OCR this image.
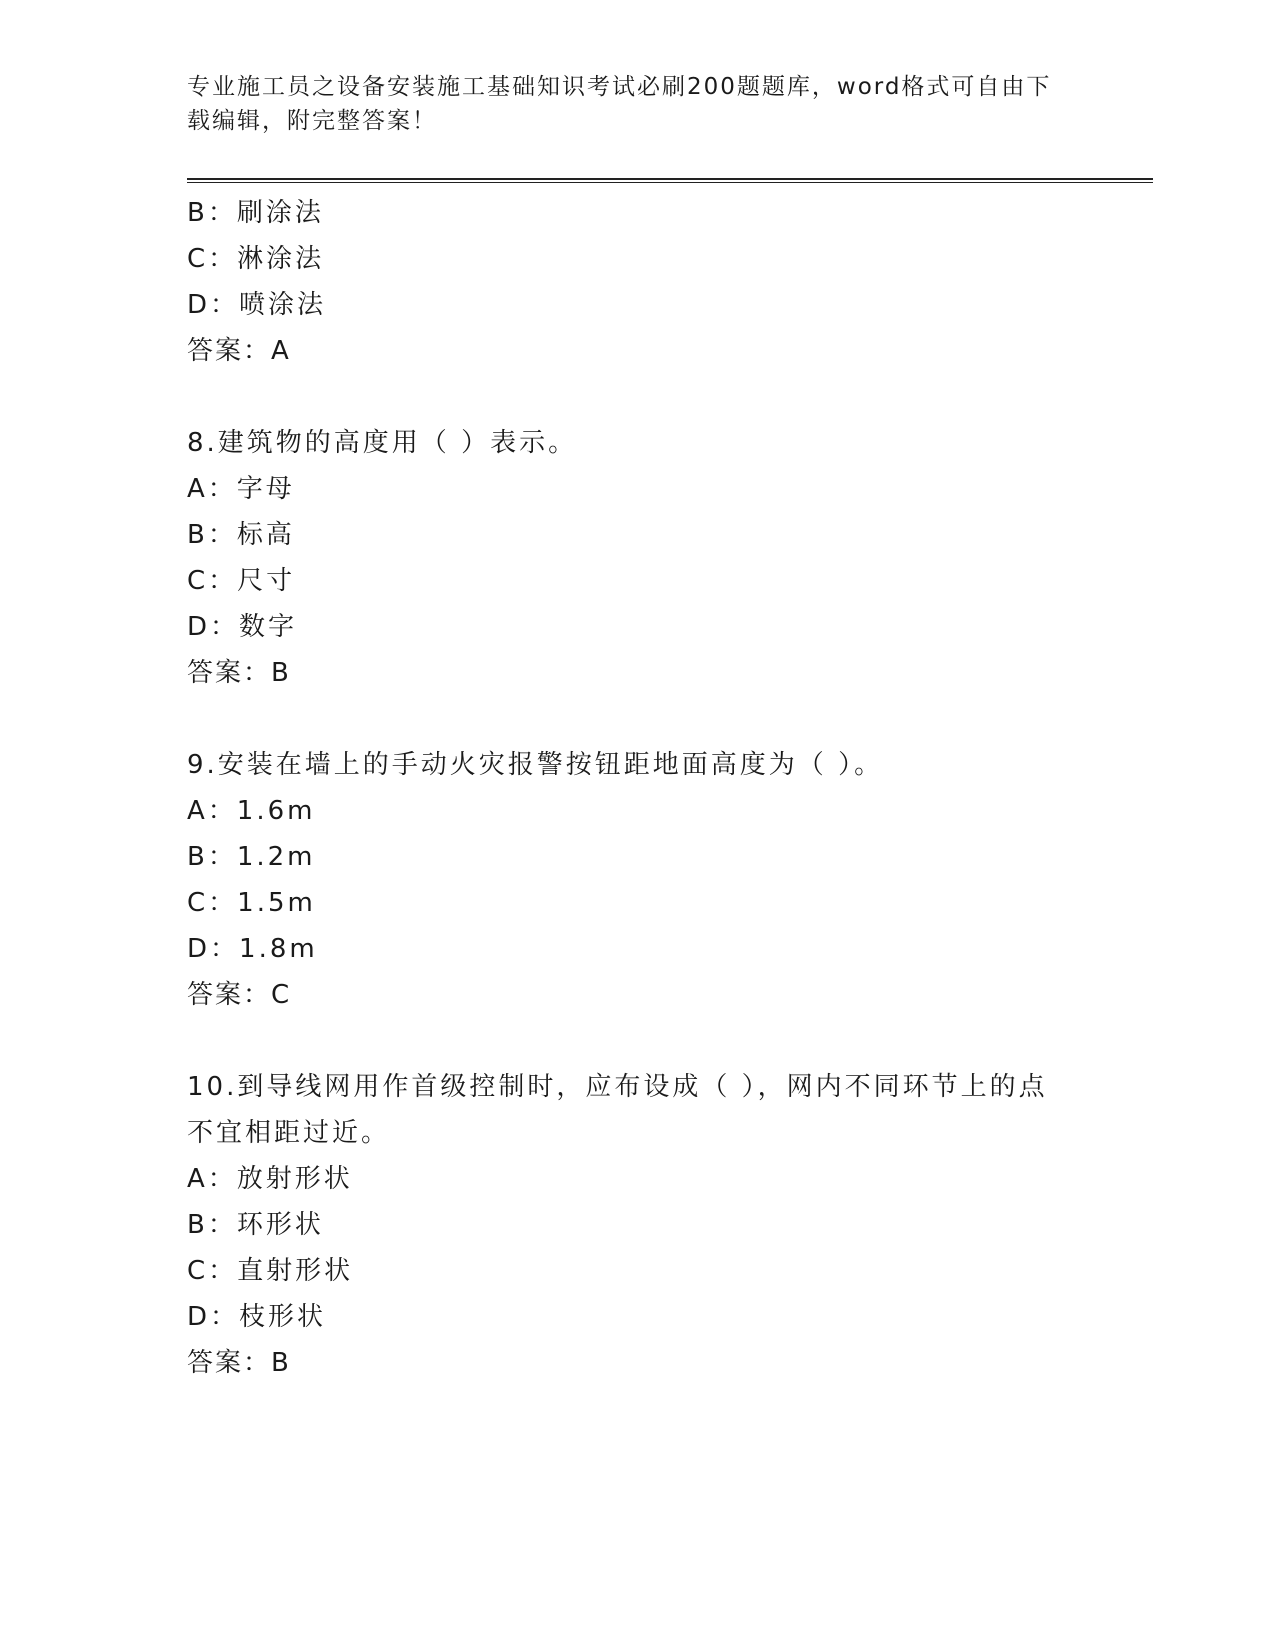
专业施工员之设备安装施工基础知识考试必刷200题题库，word格式可自由下载编辑，附完整答案！
B：刷涂法
C：淋涂法
D：喷涂法
答案：A
8.建筑物的高度用（ ）表示。
A：字母
B：标高
C：尺寸
D：数字
答案：B
9.安装在墙上的手动火灾报警按钮距地面高度为（ ）。
A：1.6m
B：1.2m
C：1.5m
D：1.8m
答案：C
10.到导线网用作首级控制时，应布设成（ ），网内不同环节上的点不宜相距过近。
A：放射形状
B：环形状
C：直射形状
D：枝形状
答案：B
